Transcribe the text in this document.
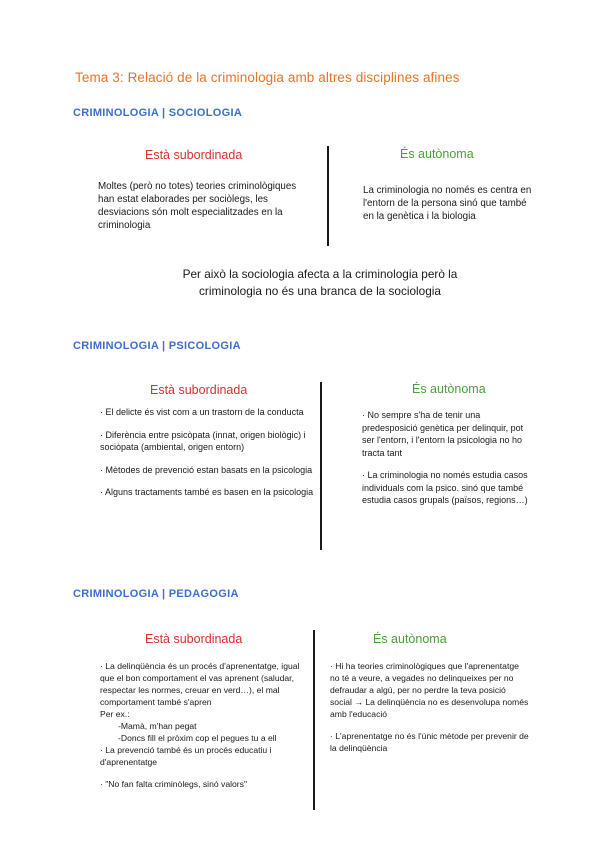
Tema 3: Relació de la criminologia amb altres disciplines afines
CRIMINOLOGIA | SOCIOLOGIA
Està subordinada

Moltes (però no totes) teories criminològiques han estat elaborades per sociòlegs, les desviacions són molt especialitzades en la criminologia

És autònoma

La criminologia no només es centra en l'entorn de la persona sinó que també en la genètica i la biologia

Per això la sociologia afecta a la criminologia però la criminologia no és una branca de la sociologia
CRIMINOLOGIA | PSICOLOGIA
Està subordinada

· El delicte és vist com a un trastorn de la conducta

· Diferència entre psicòpata (innat, origen biològic) i sociòpata (ambiental, origen entorn)

· Mètodes de prevenció estan basats en la psicologia

· Alguns tractaments també es basen en la psicologia

És autònoma

· No sempre s'ha de tenir una predesposició genètica per delinquir, pot ser l'entorn, i l'entorn la psicologia no ho tracta tant

· La criminologia no només estudia casos individuals com la psico. sinó que també estudia casos grupals (països, regions…)

CRIMINOLOGIA | PEDAGOGIA
Està subordinada

· La delinqüència és un procés d'aprenentatge, igual que el bon comportament el vas aprenent (saludar, respectar les normes, creuar en verd…), el mal comportament també s'apren

Per ex.:

-Mamà, m'han pegat

-Doncs fill el pròxim cop el pegues tu a ell

· La prevenció també és un procés educatiu i d'aprenentatge

· "No fan falta criminòlegs, sinó valors"

És autònoma

· Hi ha teories criminològiques que l'aprenentatge no té a veure, a vegades no delinqueixes per no defraudar a algú, per no perdre la teva posició social → La delinqüència no es desenvolupa només amb l'educació

· L'aprenentatge no és l'únic mètode per prevenir de la delinqüència
